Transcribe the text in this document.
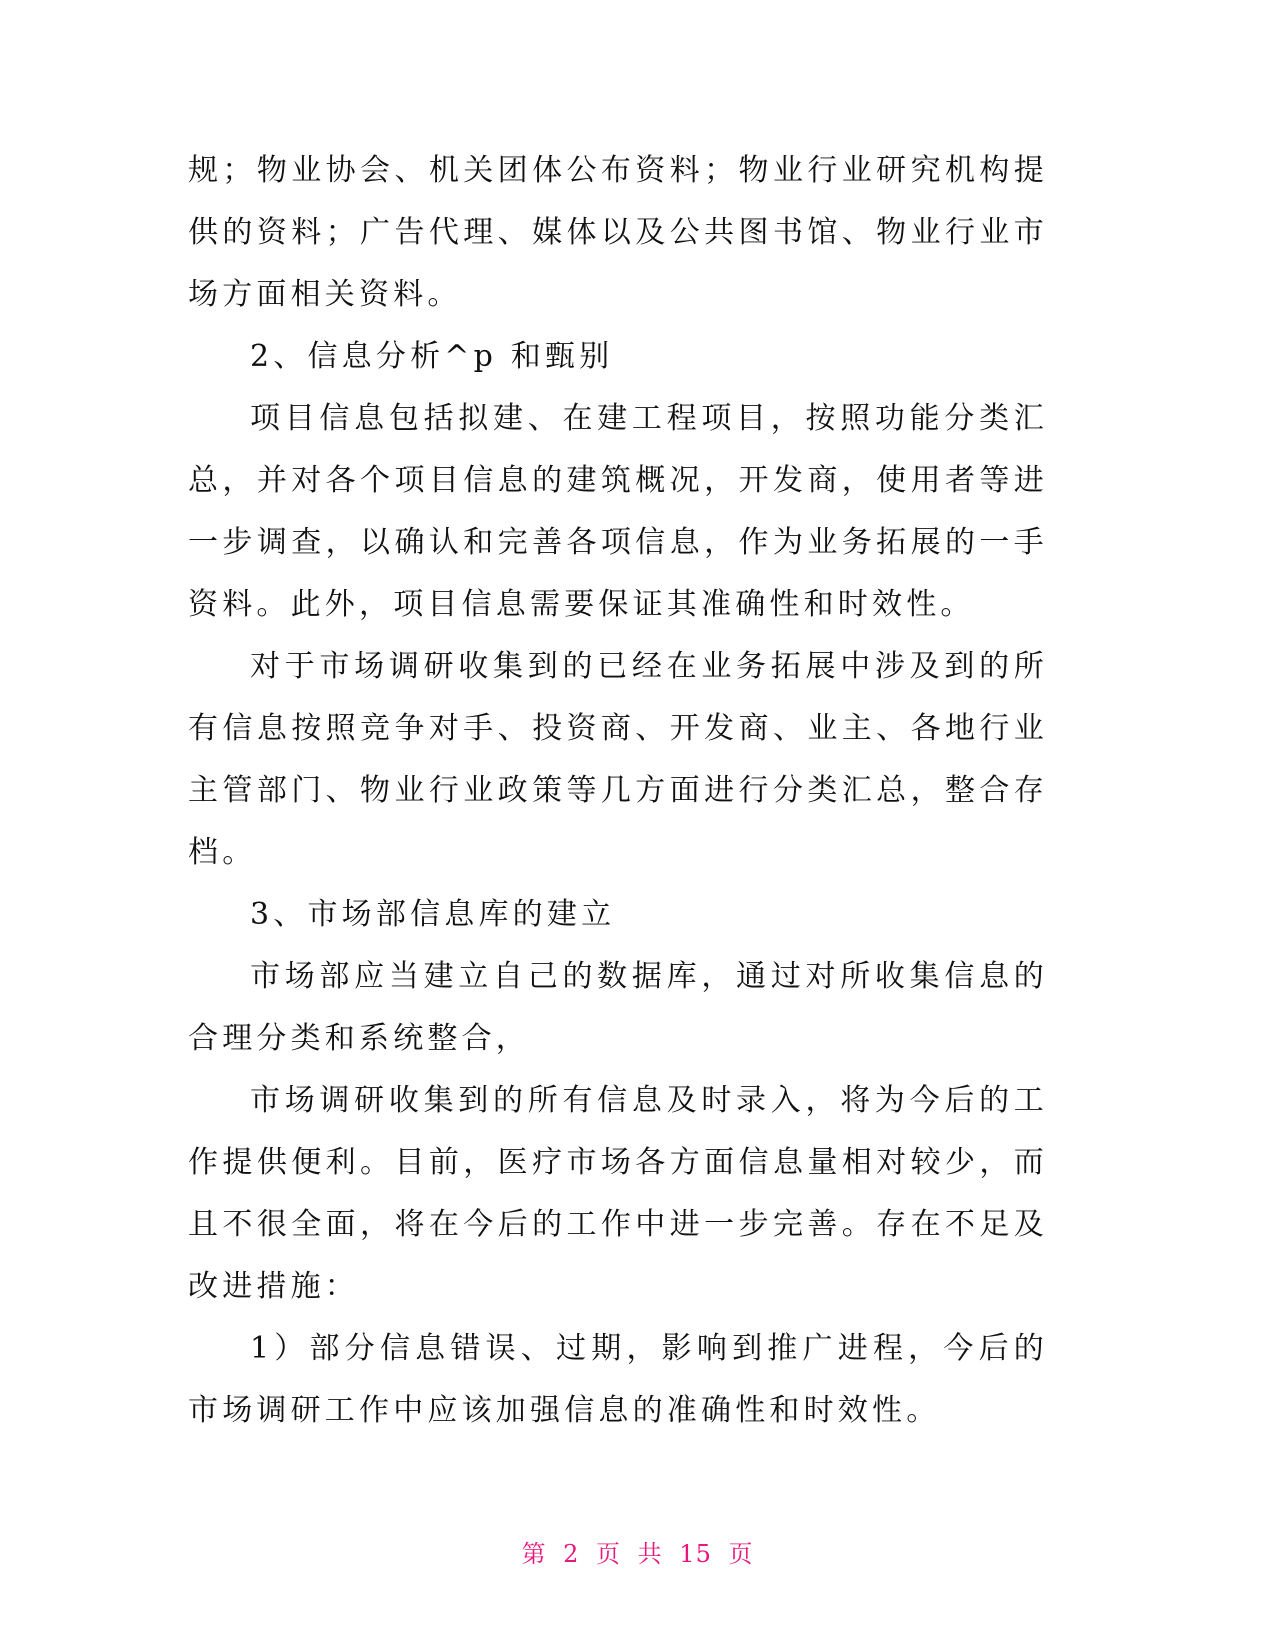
规；物业协会、机关团体公布资料；物业行业研究机构提供的资料；广告代理、媒体以及公共图书馆、物业行业市场方面相关资料。

2、信息分析^p 和甄别

项目信息包括拟建、在建工程项目，按照功能分类汇总，并对各个项目信息的建筑概况，开发商，使用者等进一步调查，以确认和完善各项信息，作为业务拓展的一手资料。此外，项目信息需要保证其准确性和时效性。

对于市场调研收集到的已经在业务拓展中涉及到的所有信息按照竞争对手、投资商、开发商、业主、各地行业主管部门、物业行业政策等几方面进行分类汇总，整合存档。

3、市场部信息库的建立

市场部应当建立自己的数据库，通过对所收集信息的合理分类和系统整合，

市场调研收集到的所有信息及时录入，将为今后的工作提供便利。目前，医疗市场各方面信息量相对较少，而且不很全面，将在今后的工作中进一步完善。存在不足及改进措施：

1）部分信息错误、过期，影响到推广进程，今后的市场调研工作中应该加强信息的准确性和时效性。

第 2 页 共 15 页
